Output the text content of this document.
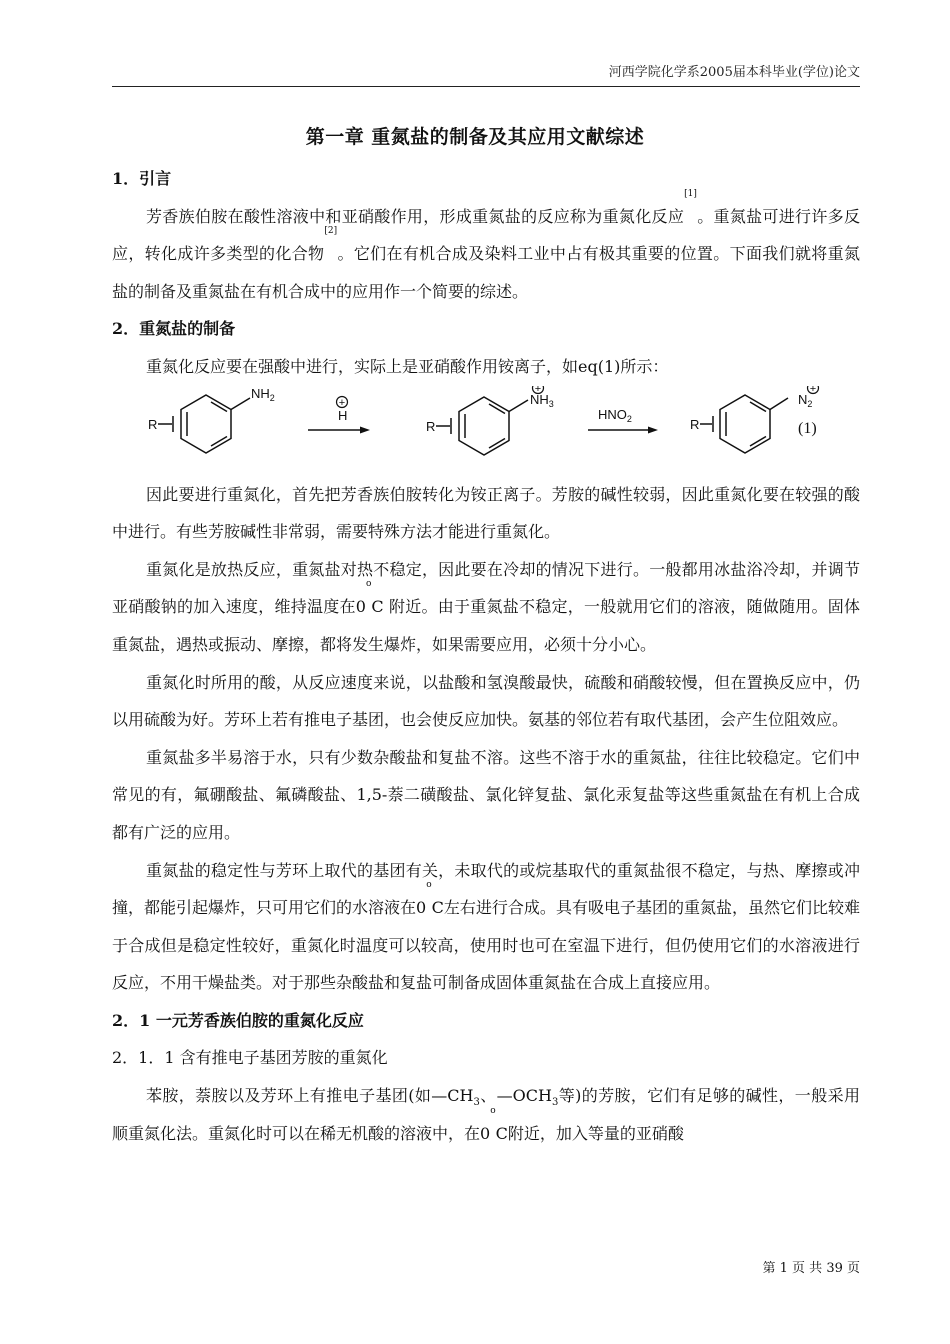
河西学院化学系2005届本科毕业(学位)论文
第一章 重氮盐的制备及其应用文献综述

1．引言

芳香族伯胺在酸性溶液中和亚硝酸作用，形成重氮盐的反应称为重氮化反应[1]。重氮盐可进行许多反应，转化成许多类型的化合物[2]。它们在有机合成及染料工业中占有极其重要的位置。下面我们就将重氮盐的制备及重氮盐在有机合成中的应用作一个简要的综述。

2．重氮盐的制备

重氮化反应要在强酸中进行，实际上是亚硝酸作用铵离子，如eq(1)所示：

R
$NH_2$	+
H
R
+
$NH_3$
$HNO_2$	R
+
$N_2$
(1)

因此要进行重氮化，首先把芳香族伯胺转化为铵正离子。芳胺的碱性较弱，因此重氮化要在较强的酸中进行。有些芳胺碱性非常弱，需要特殊方法才能进行重氮化。

重氮化是放热反应，重氮盐对热不稳定，因此要在冷却的情况下进行。一般都用冰盐浴冷却，并调节亚硝酸钠的加入速度，维持温度在0$^o$C 附近。由于重氮盐不稳定，一般就用它们的溶液，随做随用。固体重氮盐，遇热或振动、摩擦，都将发生爆炸，如果需要应用，必须十分小心。

重氮化时所用的酸，从反应速度来说，以盐酸和氢溴酸最快，硫酸和硝酸较慢，但在置换反应中，仍以用硫酸为好。芳环上若有推电子基团，也会使反应加快。氨基的邻位若有取代基团，会产生位阻效应。

重氮盐多半易溶于水，只有少数杂酸盐和复盐不溶。这些不溶于水的重氮盐，往往比较稳定。它们中常见的有，氟硼酸盐、氟磷酸盐、1,5-萘二磺酸盐、氯化锌复盐、氯化汞复盐等这些重氮盐在有机上合成都有广泛的应用。

重氮盐的稳定性与芳环上取代的基团有关，未取代的或烷基取代的重氮盐很不稳定，与热、摩擦或冲撞，都能引起爆炸，只可用它们的水溶液在0$^o$C左右进行合成。具有吸电子基团的重氮盐，虽然它们比较难于合成但是稳定性较好，重氮化时温度可以较高，使用时也可在室温下进行，但仍使用它们的水溶液进行反应，不用干燥盐类。对于那些杂酸盐和复盐可制备成固体重氮盐在合成上直接应用。

2．1 一元芳香族伯胺的重氮化反应

2．1．1 含有推电子基团芳胺的重氮化

苯胺，萘胺以及芳环上有推电子基团(如$—CH_3$、$—OCH_3$等)的芳胺，它们有足够的碱性，一般采用顺重氮化法。重氮化时可以在稀无机酸的溶液中，在0$^o$C附近，加入等量的亚硝酸

第 1 页 共 39 页
